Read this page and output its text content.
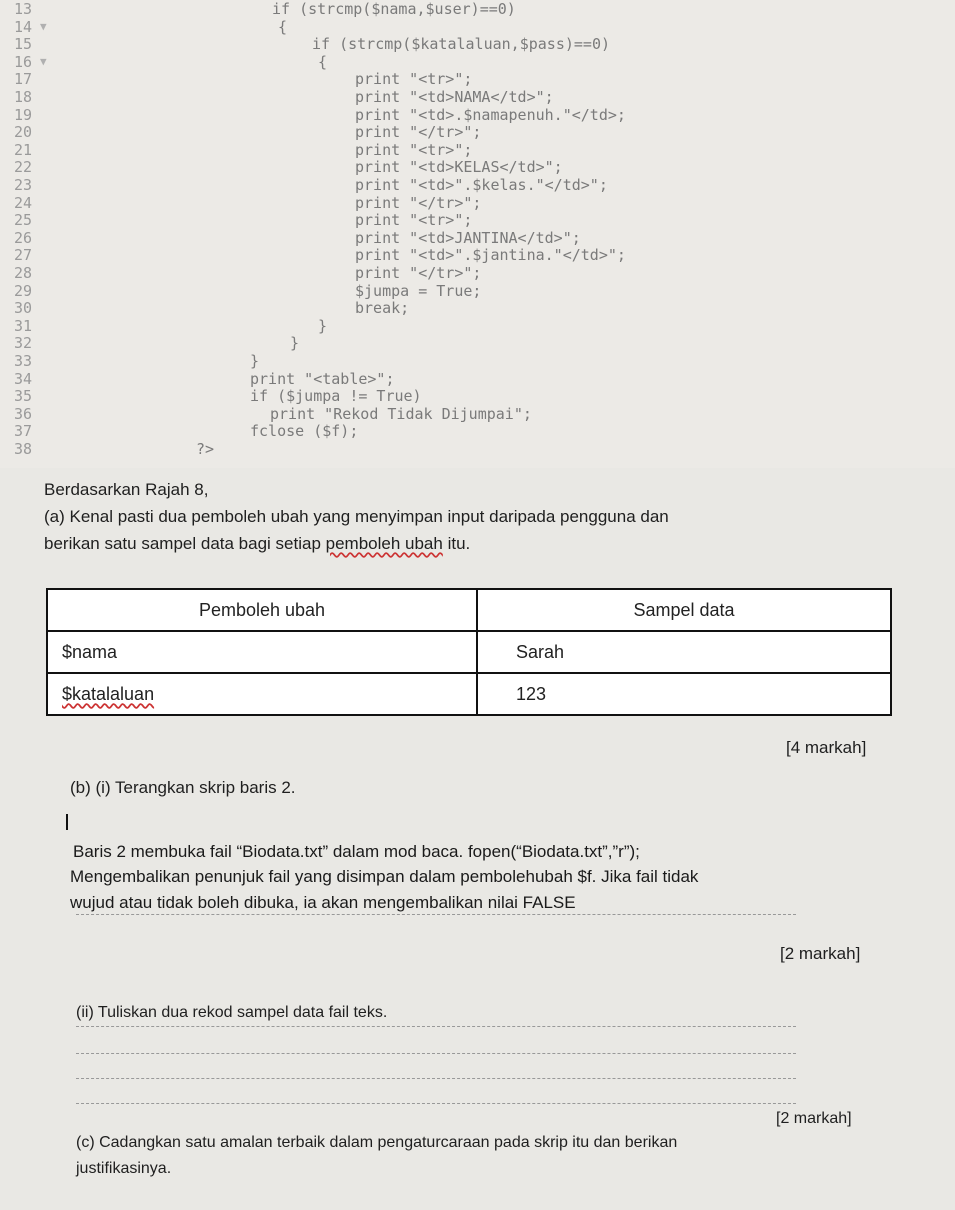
13	if (strcmp($nama,$user)==0)
14 ▼	{
15	if (strcmp($katalaluan,$pass)==0)
16 ▼	{
17	print "<tr>";
18	print "<td>NAMA</td>";
19	print "<td>.$namapenuh."</td>;
20	print "</tr>";
21	print "<tr>";
22	print "<td>KELAS</td>";
23	print "<td>".$kelas."</td>";
24	print "</tr>";
25	print "<tr>";
26	print "<td>JANTINA</td>";
27	print "<td>".$jantina."</td>";
28	print "</tr>";
29	$jumpa = True;
30	break;
31	}
32	}
33	}
34	print "<table>";
35	if ($jumpa != True)
36	print "Rekod Tidak Dijumpai";
37	fclose ($f);
38	?>
Berdasarkan Rajah 8,
(a) Kenal pasti dua pemboleh ubah yang menyimpan input daripada pengguna dan
berikan satu sampel data bagi setiap pemboleh ubah itu.
Pemboleh ubah	Sampel data
$nama	Sarah
$katalaluan	123
[4 markah]
(b) (i) Terangkan skrip baris 2.
Baris 2 membuka fail “Biodata.txt” dalam mod baca. fopen(“Biodata.txt”,”r”);
Mengembalikan penunjuk fail yang disimpan dalam pembolehubah $f. Jika fail tidak
wujud atau tidak boleh dibuka, ia akan mengembalikan nilai FALSE
[2 markah]
(ii) Tuliskan dua rekod sampel data fail teks.
[2 markah]
(c) Cadangkan satu amalan terbaik dalam pengaturcaraan pada skrip itu dan berikan
justifikasinya.
